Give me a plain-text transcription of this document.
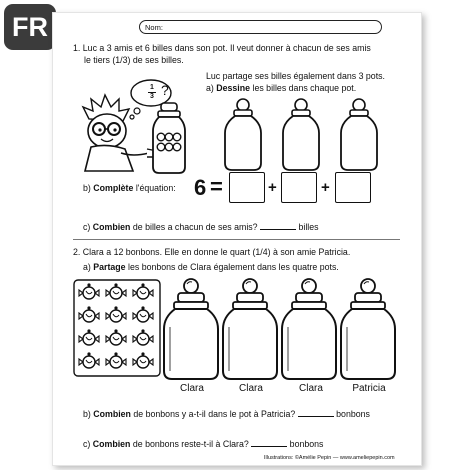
FR	Nom:
1. Luc a 3 amis et 6 billes dans son pot. Il veut donner à chacun de ses amis
le tiers (1/3) de ses billes.
1
3 ?
Luc partage ses billes également dans 3 pots.
a) Dessine les billes dans chaque pot.
b) Complète l'équation: 6 =	+	+
c) Combien de billes a chacun de ses amis?	billes
2. Clara a 12 bonbons. Elle en donne le quart (1/4) à son amie Patricia.
a) Partage les bonbons de Clara également dans les quatre pots.
Clara	Clara	Clara	Patricia
b) Combien de bonbons y a-t-il dans le pot à Patricia?	bonbons
c) Combien de bonbons reste-t-il à Clara?	bonbons
Illustrations: ©Amélie Pepin — www.ameliepepin.com
